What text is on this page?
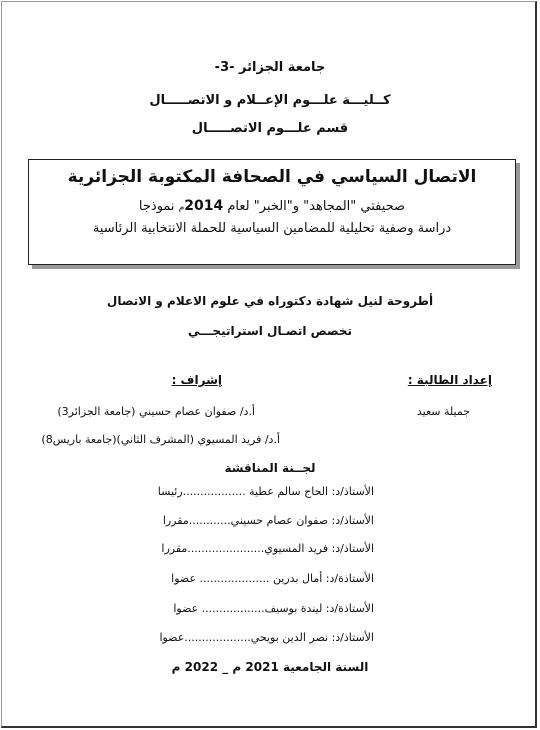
جامعة الجزائر -3-
كــليـــة علـــوم الإعــلام و الاتصـــــال
قسم علـــوم الاتصـــــال
الاتصال السياسي في الصحافة المكتوبة الجزائرية
صحيفتي "المجاهد" و"الخبر" لعام 2014م نموذجا
دراسة وصفية تحليلية للمضامين السياسية للحملة الانتخابية الرئاسية
أطروحة لنيل شهادة دكتوراه في علوم الاعلام و الاتصال
تخصص اتصـال استراتيجـــي
إعداد الطالبة :
إشراف :
جميلة سعيد
أ.د/ صفوان عصام حسيني (جامعة الجزائر3)
أ.د/ فريد المسيوي (المشرف الثاني)(جامعة باريس8)
لجــنة المناقشة
الأستاذ/د: الحاج سالم عطية ..................رئيسا
الأستاذ/د: صفوان عصام حسيني............مقررا
الأستاذ/د: فريد المسيوي......................مقررا
الأستاذة/د: أمال بدرين .................... عضوا
الأستاذة/د: ليندة بوسيف.................. عضوا
الأستاذ/د: نصر الدين بويحي...................عضوا
السنة الجامعية 2021 م _ 2022 م
